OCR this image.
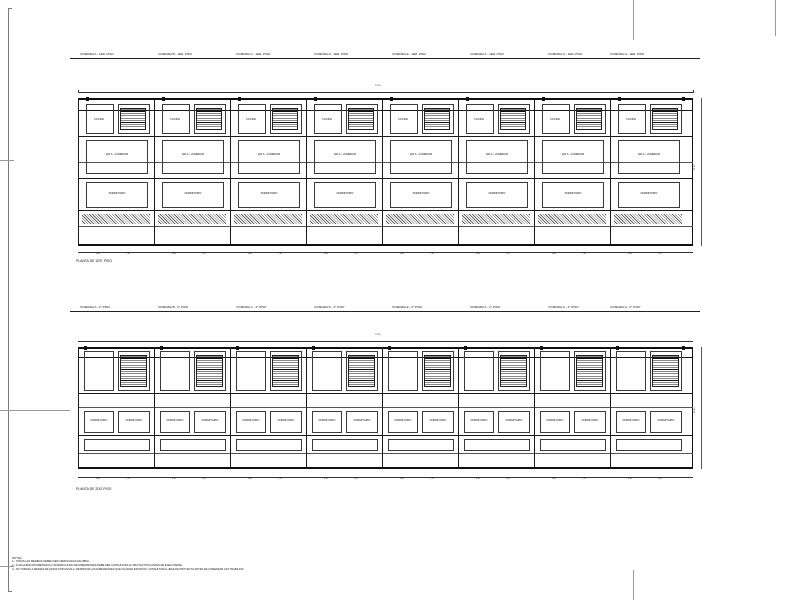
VIVIENDA A - 1ER. PISO	VIVIENDA B - 1ER. PISO	VIVIENDA C - 1ER. PISO	VIVIENDA D - 1ER. PISO	VIVIENDA E - 1ER. PISO	VIVIENDA F - 1ER. PISO	VIVIENDA G - 1ER. PISO	VIVIENDA H - 1ER. PISO
72.00
SALA - COMEDOR
DORMITORIO
COCINA
SALA - COMEDOR
DORMITORIO
COCINA
SALA - COMEDOR
DORMITORIO
COCINA
SALA - COMEDOR
DORMITORIO
COCINA
SALA - COMEDOR
DORMITORIO
COCINA
SALA - COMEDOR
DORMITORIO
COCINA
SALA - COMEDOR
DORMITORIO
COCINA
SALA - COMEDOR
DORMITORIO
COCINA
0.90	2.70	0.90	2.70	0.90	2.70	0.90	2.70	0.90	2.70	0.90	2.70	0.90	2.70	0.90	2.70
11.40
PLANTA DE 1ER. PISO
VIVIENDA A - 2° PISO	VIVIENDA B - 2° PISO	VIVIENDA C - 2° PISO	VIVIENDA D - 2° PISO	VIVIENDA E - 2° PISO	VIVIENDA F - 2° PISO	VIVIENDA G - 2° PISO	VIVIENDA H - 2° PISO
72.00
DORMITORIO	DORMITORIO	DORMITORIO	DORMITORIO	DORMITORIO	DORMITORIO	DORMITORIO	DORMITORIO	DORMITORIO	DORMITORIO	DORMITORIO	DORMITORIO	DORMITORIO	DORMITORIO	DORMITORIO	DORMITORIO
0.90	2.70	0.90	2.70	0.90	2.70	0.90	2.70	0.90	2.70	0.90	2.70	0.90	2.70	0.90	2.70
11.40
PLANTA DE 2DO PISO
NOTAS :
1.- TODAS LAS MEDIDAS DEBEN SER VERIFICADAS EN OBRA.
2.- CUALQUIER DISCREPANCIA O MODIFICACION DE DIMENSIONES DEBE SER CONSULTADA AL PROYECTISTA ANTES DE EJECUTARSE.
3.- NO TOMAR LA MEDIDA DE ESTAS POR ESCALA, RESPETAR LAS DIMENSIONES QUE FIGURAN ESCRITAS, CONSULTAR AL JEFE DE PROYECTO ANTES DE COMENZAR LOS TRABAJOS.
